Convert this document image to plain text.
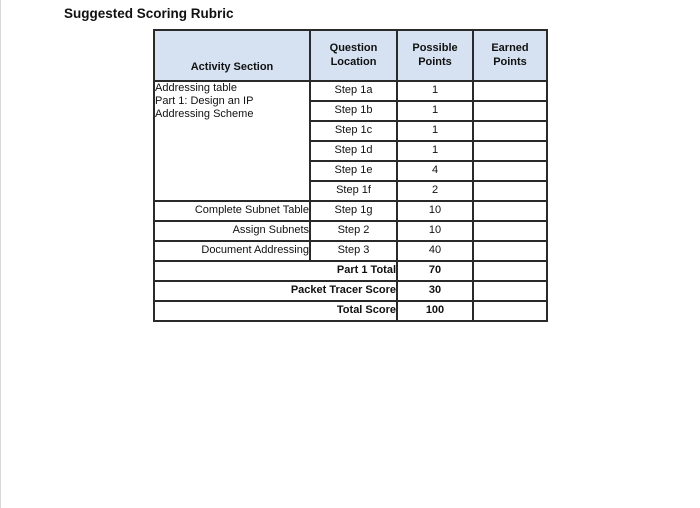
Suggested Scoring Rubric
Activity Section	Question Location	Possible Points	Earned Points

Addressing table
Part 1: Design an IP Addressing Scheme	Step 1a	1	
	Step 1b	1	
	Step 1c	1	
	Step 1d	1	
	Step 1e	4	
	Step 1f	2	
Complete Subnet Table	Step 1g	10	
Assign Subnets	Step 2	10	
Document Addressing	Step 3	40	
Part 1 Total		70	
Packet Tracer Score		30	
Total Score		100	
